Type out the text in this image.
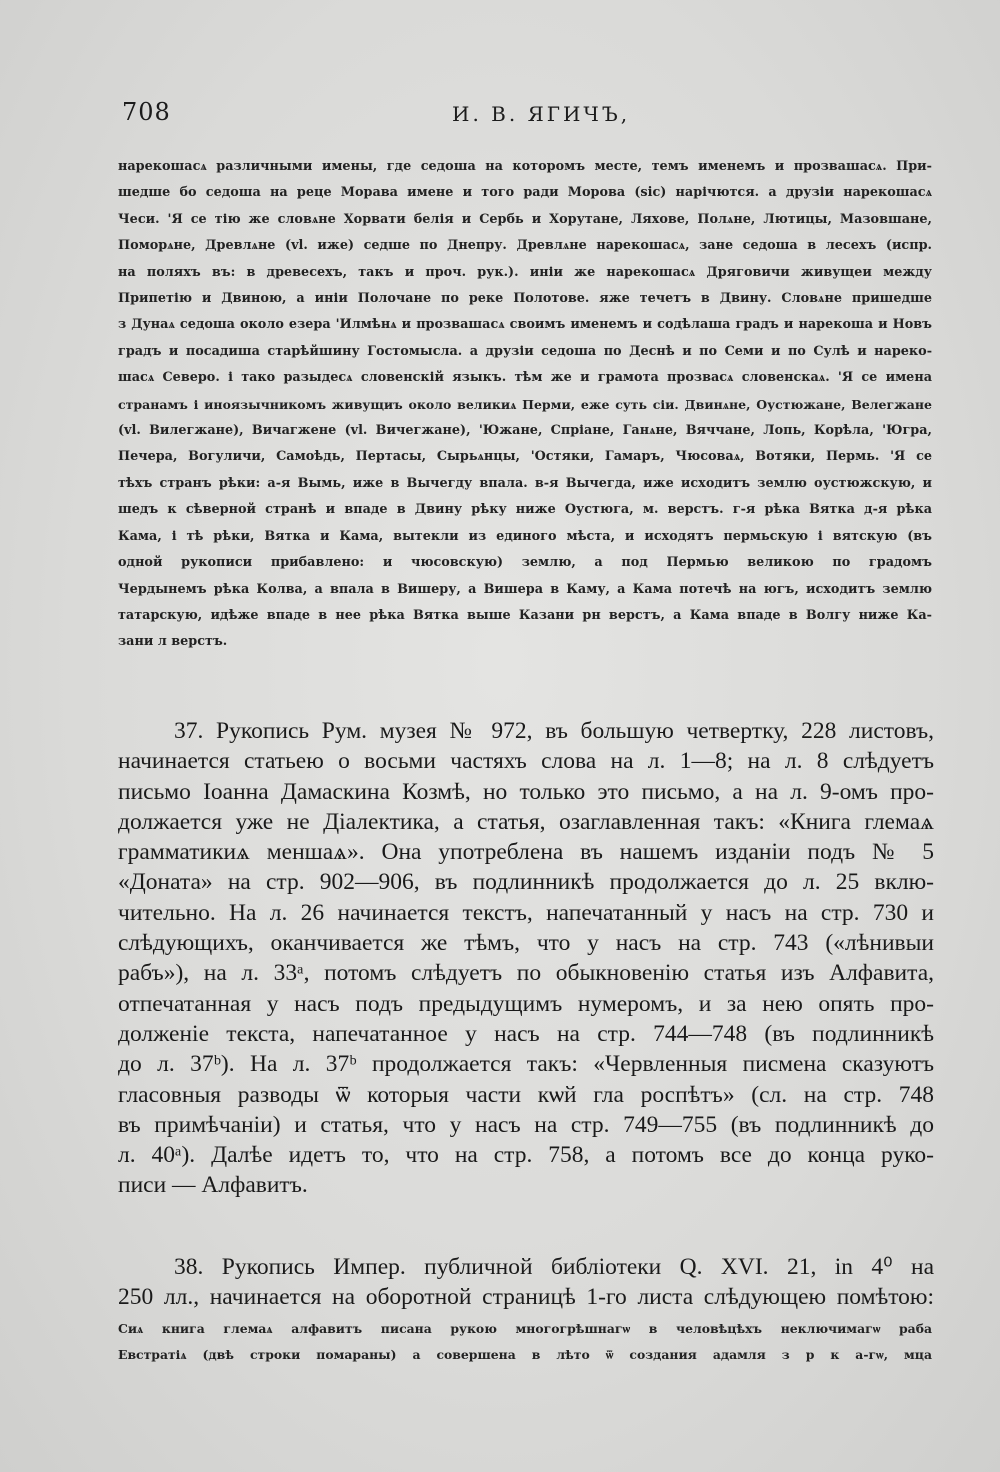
708	И. В. ЯГИЧЪ,
нарекошасѧ различными имены, где седоша на которомъ месте, темъ именемъ и прозвашасѧ. При-
шедше бо седоша на реце Морава имене и того ради Морова (sic) нарічются. а друзіи нарекошасѧ
Чеси. 'Я се тію же словѧне Хорвати белія и Сербь и Хорутане, Ляхове, Полѧне, Лютицы, Мазовшане,
Поморѧне, Древлѧне (vl. иже) седше по Днепру. Древлѧне нарекошасѧ, зане седоша в лесехъ (испр.
на поляхъ въ: в древесехъ, такъ и проч. рук.). иніи же нарекошасѧ Дряговичи живущеи между
Припетію и Двиною, а иніи Полочане по реке Полотове. яже течетъ в Двину. Словѧне пришедше
з Дунаѧ седоша около езера 'Илмѣнѧ и прозвашасѧ своимъ именемъ и содѣлаша градъ и нарекоша и Новъ
градъ и посадиша старѣйшину Гостомысла. а друзіи седоша по Деснѣ и по Семи и по Сулѣ и нареко-
шасѧ Северо. і тако разыдесѧ словенскій языкъ. тѣм же и грамота прозвасѧ словенскаѧ. 'Я се имена
странамъ і иноязычникомъ живущиъ около великиѧ Перми, еже суть сіи. Двинѧне, Оустюжане, Велегжане
(vl. Вилегжане), Вичагжене (vl. Вичегжане), 'Южане, Спріане, Ганѧне, Вяччане, Лопь, Корѣла, 'Югра,
Печера, Вогуличи, Самоѣдь, Пертасы, Сырьѧнцы, 'Остяки, Гамаръ, Чюсоваѧ, Вотяки, Пермь. 'Я се
тѣхъ странъ рѣки: а-я Вымь, иже в Вычегду впала. в-я Вычегда, иже исходитъ землю оустюжскую, и
шедъ к сѣверной странѣ и впаде в Двину рѣку ниже Оустюга, м. верстъ. г-я рѣка Вятка д-я рѣка
Кама, і тѣ рѣки, Вятка и Кама, вытекли из единого мѣста, и исходятъ пермьскую і вятскую (въ
одной рукописи прибавлено: и чюсовскую) землю, а под Пермью великою по градомъ
Чердынемъ рѣка Колва, а впала в Вишеру, а Вишера в Каму, а Кама потечѣ на югъ, исходитъ землю
татарскую, идѣже впаде в нее рѣка Вятка выше Казани рн верстъ, а Кама впаде в Волгу ниже Ка-
зани л верстъ.
37. Рукопись Рум. музея № 972, въ большую четвертку, 228 листовъ,
начинается статьею о восьми частяхъ слова на л. 1—8; на л. 8 слѣдуетъ
письмо Іоанна Дамаскина Козмѣ, но только это письмо, а на л. 9-омъ про-
должается уже не Діалектика, а статья, озаглавленная такъ: «Книга глемаѧ
грамматикиѧ меншаѧ». Она употреблена въ нашемъ изданіи подъ № 5
«Доната» на стр. 902—906, въ подлинникѣ продолжается до л. 25 вклю-
чительно. На л. 26 начинается текстъ, напечатанный у насъ на стр. 730 и
слѣдующихъ, оканчивается же тѣмъ, что у насъ на стр. 743 («лѣнивыи
рабъ»), на л. 33ᵃ, потомъ слѣдуетъ по обыкновенію статья изъ Алфавита,
отпечатанная у насъ подъ предыдущимъ нумеромъ, и за нею опять про-
долженіе текста, напечатанное у насъ на стр. 744—748 (въ подлинникѣ
до л. 37ᵇ). На л. 37ᵇ продолжается такъ: «Червленныя писмена сказуютъ
гласовныя разводы ѿ которыя части кѡй гла роспѣтъ» (сл. на стр. 748
въ примѣчаніи) и статья, что у насъ на стр. 749—755 (въ подлинникѣ до
л. 40ᵃ). Далѣе идетъ то, что на стр. 758, а потомъ все до конца руко-
писи — Алфавитъ.
38. Рукопись Импер. публичной библіотеки Q. XVI. 21, in 4⁰ на
250 лл., начинается на оборотной страницѣ 1-го листа слѣдующею помѣтою:
Сиѧ книга глемаѧ алфавитъ писана рукою многогрѣшнагѡ в человѣцѣхъ неключимагѡ раба
Евстратіѧ (двѣ строки помараны) а совершена в лѣто ѿ создания адамля з р к а-гѡ, мца
